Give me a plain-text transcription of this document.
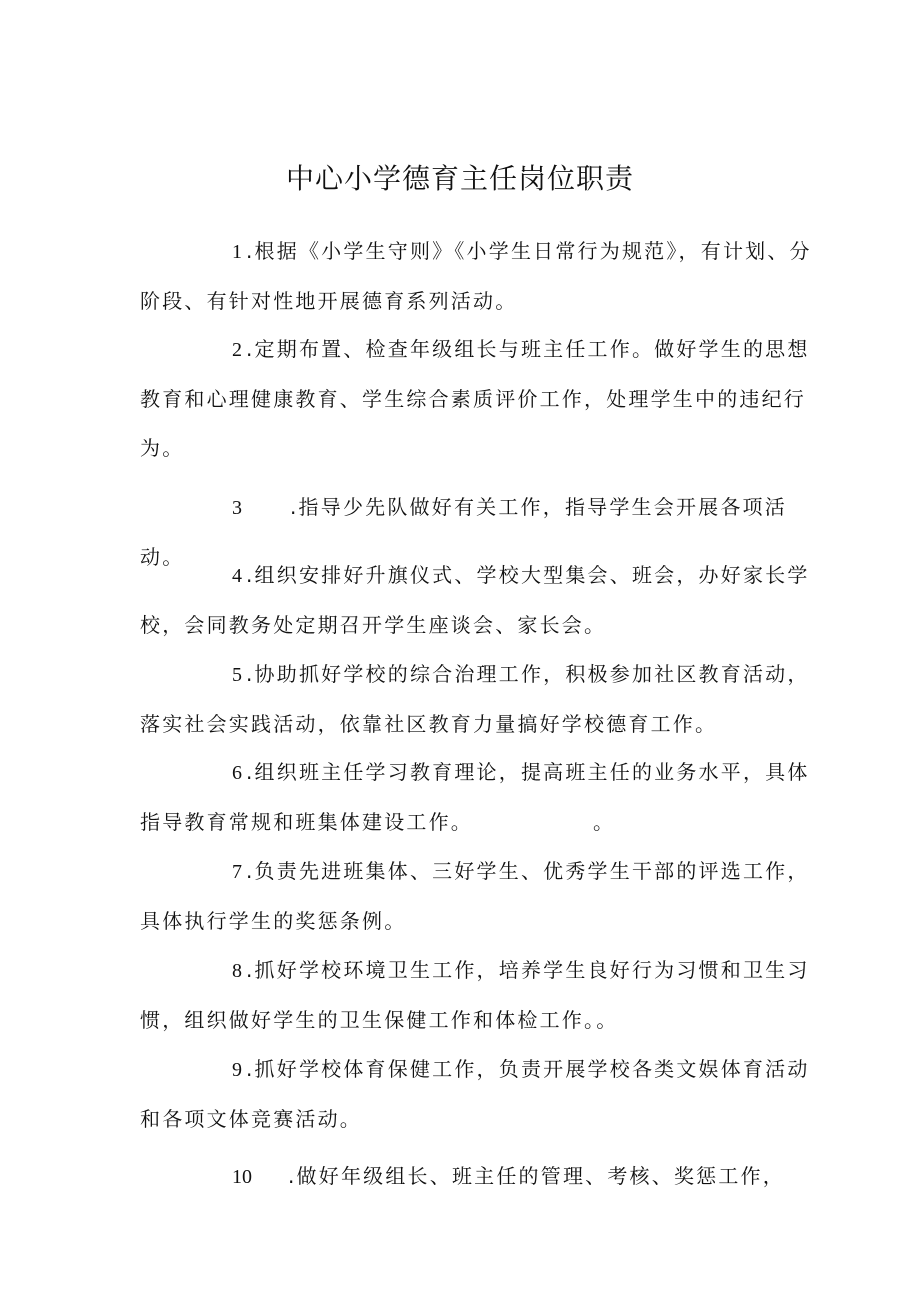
中心小学德育主任岗位职责

1 .根据《小学生守则》《小学生日常行为规范》，有计划、分阶段、有针对性地开展德育系列活动。

2 .定期布置、检查年级组长与班主任工作。做好学生的思想教育和心理健康教育、学生综合素质评价工作，处理学生中的违纪行为。

3 .指导少先队做好有关工作，指导学生会开展各项活动。

4 .组织安排好升旗仪式、学校大型集会、班会，办好家长学校，会同教务处定期召开学生座谈会、家长会。

5 .协助抓好学校的综合治理工作，积极参加社区教育活动，落实社会实践活动，依靠社区教育力量搞好学校德育工作。

6 .组织班主任学习教育理论，提高班主任的业务水平，具体指导教育常规和班集体建设工作。	。

7 .负责先进班集体、三好学生、优秀学生干部的评选工作，具体执行学生的奖惩条例。

8 .抓好学校环境卫生工作，培养学生良好行为习惯和卫生习惯，组织做好学生的卫生保健工作和体检工作。。

9 .抓好学校体育保健工作，负责开展学校各类文娱体育活动和各项文体竞赛活动。

10 .做好年级组长、班主任的管理、考核、奖惩工作，
